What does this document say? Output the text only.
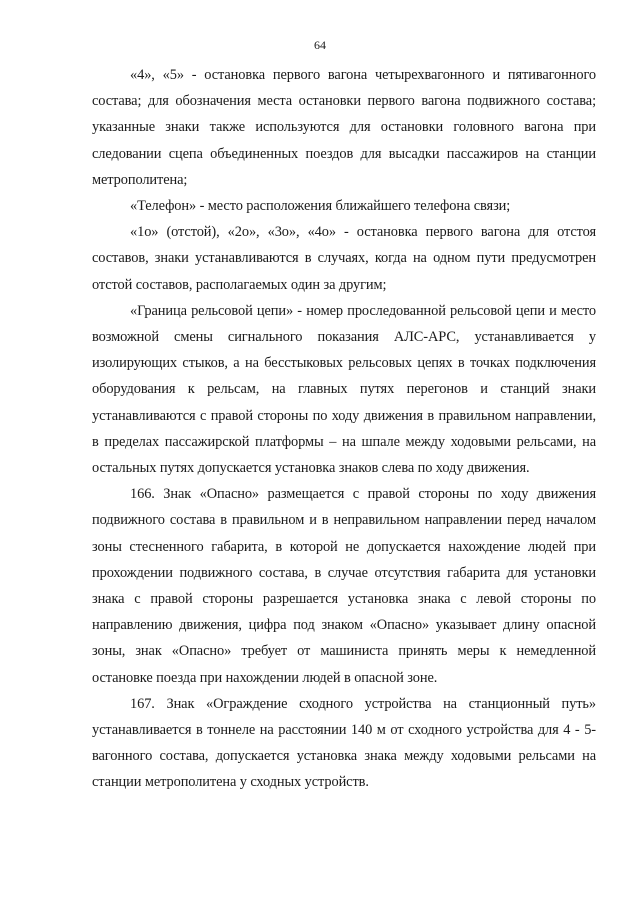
64

«4», «5» - остановка первого вагона четырехвагонного и пятивагонного состава; для обозначения места остановки первого вагона подвижного состава; указанные знаки также используются для остановки головного вагона при следовании сцепа объединенных поездов для высадки пассажиров на станции метрополитена;

«Телефон» - место расположения ближайшего телефона связи;

«1о» (отстой), «2о», «3о», «4о» - остановка первого вагона для отстоя составов, знаки устанавливаются в случаях, когда на одном пути предусмотрен отстой составов, располагаемых один за другим;

«Граница рельсовой цепи» - номер проследованной рельсовой цепи и место возможной смены сигнального показания АЛС-АРС, устанавливается у изолирующих стыков, а на бесстыковых рельсовых цепях в точках подключения оборудования к рельсам, на главных путях перегонов и станций знаки устанавливаются с правой стороны по ходу движения в правильном направлении, в пределах пассажирской платформы – на шпале между ходовыми рельсами, на остальных путях допускается установка знаков слева по ходу движения.

166. Знак «Опасно» размещается с правой стороны по ходу движения подвижного состава в правильном и в неправильном направлении перед началом зоны стесненного габарита, в которой не допускается нахождение людей при прохождении подвижного состава, в случае отсутствия габарита для установки знака с правой стороны разрешается установка знака с левой стороны по направлению движения, цифра под знаком «Опасно» указывает длину опасной зоны, знак «Опасно» требует от машиниста принять меры к немедленной остановке поезда при нахождении людей в опасной зоне.

167. Знак «Ограждение сходного устройства на станционный путь» устанавливается в тоннеле на расстоянии 140 м от сходного устройства для 4 - 5-вагонного состава, допускается установка знака между ходовыми рельсами на станции метрополитена у сходных устройств.
